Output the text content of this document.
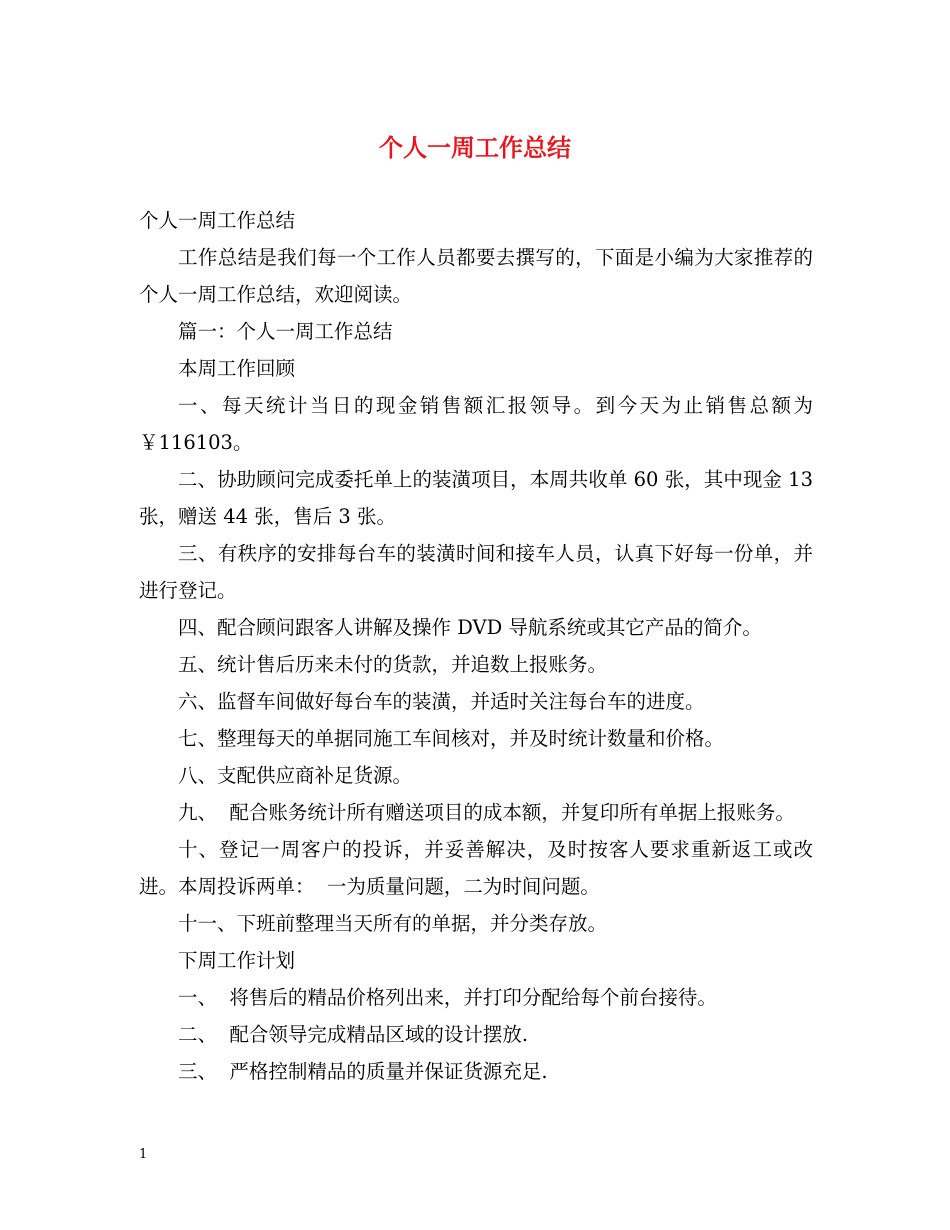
个人一周工作总结

个人一周工作总结

工作总结是我们每一个工作人员都要去撰写的，下面是小编为大家推荐的个人一周工作总结，欢迎阅读。

篇一：个人一周工作总结

本周工作回顾

一、每天统计当日的现金销售额汇报领导。到今天为止销售总额为￥116103。

二、协助顾问完成委托单上的装潢项目，本周共收单 60 张，其中现金 13 张，赠送 44 张，售后 3 张。

三、有秩序的安排每台车的装潢时间和接车人员，认真下好每一份单，并进行登记。

四、配合顾问跟客人讲解及操作 DVD 导航系统或其它产品的简介。

五、统计售后历来未付的货款，并追数上报账务。

六、监督车间做好每台车的装潢，并适时关注每台车的进度。

七、整理每天的单据同施工车间核对，并及时统计数量和价格。

八、支配供应商补足货源。

九、  配合账务统计所有赠送项目的成本额，并复印所有单据上报账务。

十、登记一周客户的投诉，并妥善解决，及时按客人要求重新返工或改进。本周投诉两单：  一为质量问题，二为时间问题。

十一、下班前整理当天所有的单据，并分类存放。

下周工作计划

一、  将售后的精品价格列出来，并打印分配给每个前台接待。

二、  配合领导完成精品区域的设计摆放.

三、  严格控制精品的质量并保证货源充足.

1
